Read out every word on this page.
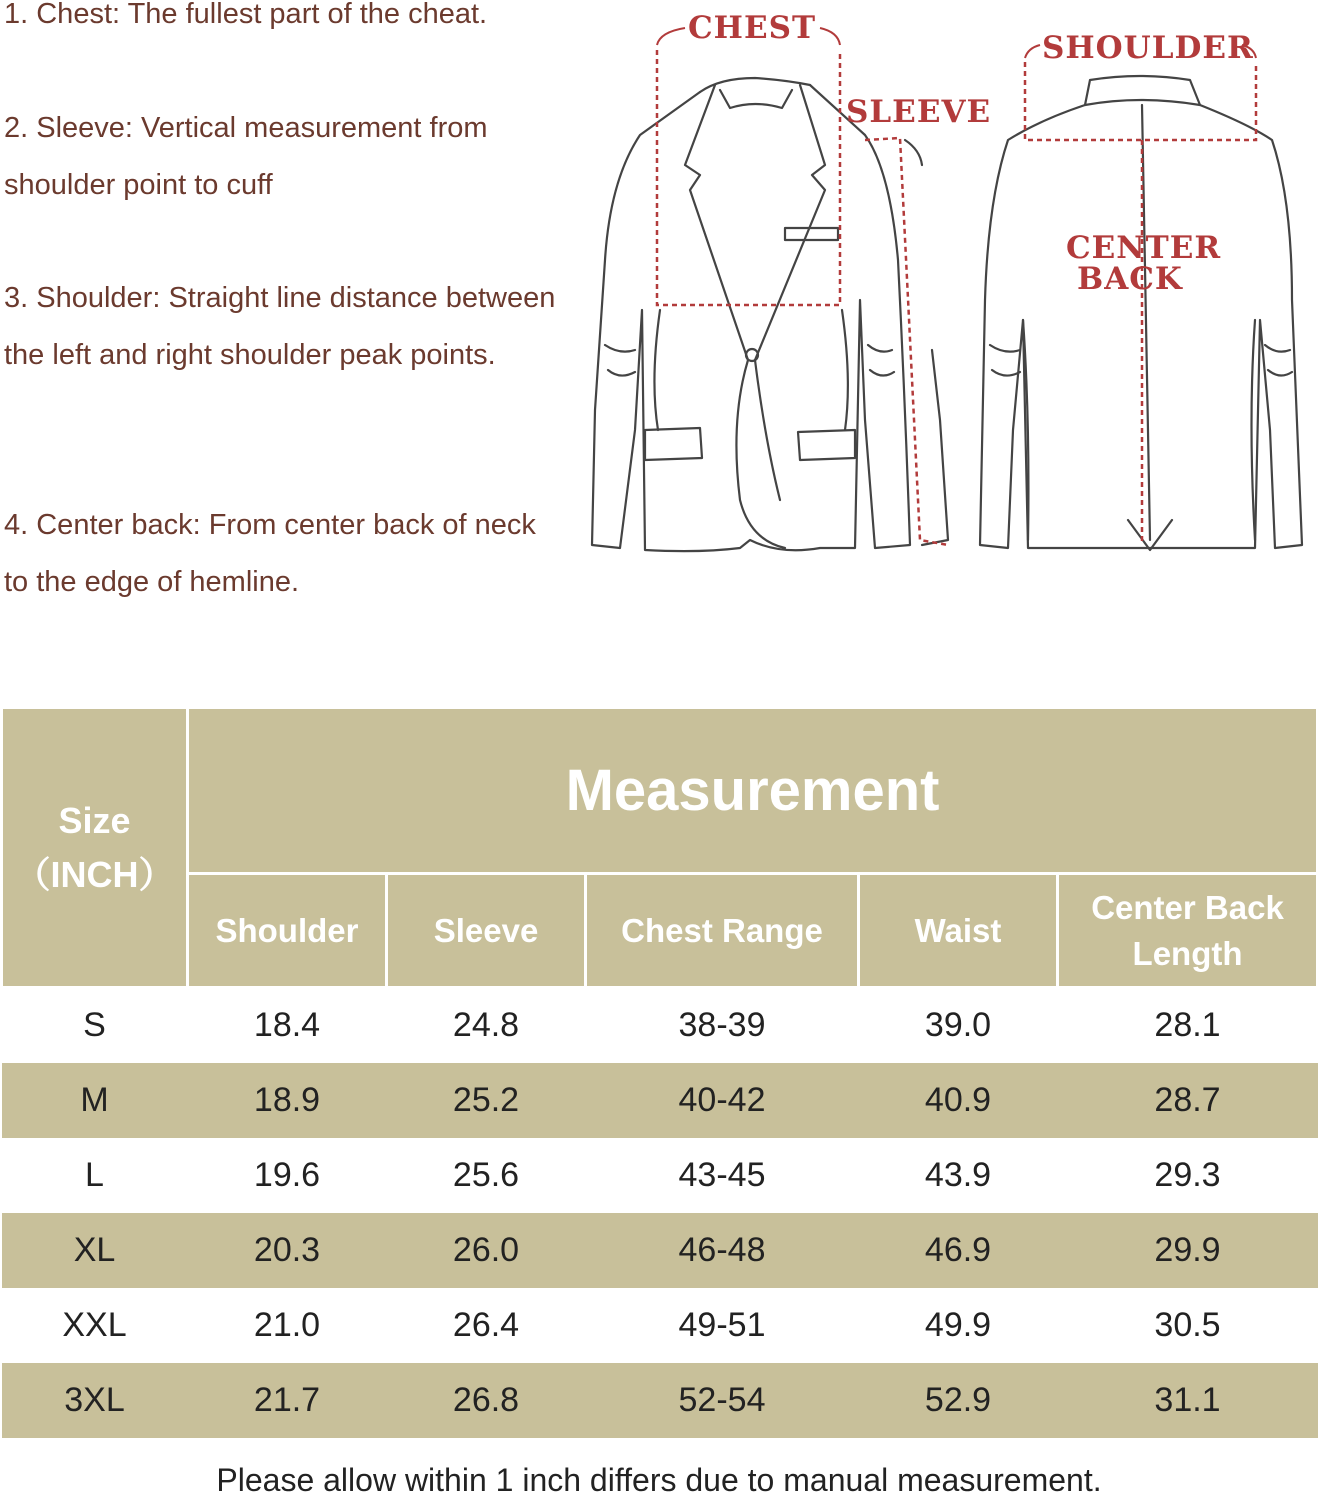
1. Chest: The fullest part of the cheat.

2. Sleeve: Vertical measurement from shoulder point to cuff

3. Shoulder: Straight line distance between the left and right shoulder peak points.

4. Center back: From center back of neck to the edge of hemline.

CHEST
SLEEVE
SHOULDER
CENTER
BACK
Size
（INCH）	Measurement				
	Shoulder	Sleeve	Chest Range	Waist	Center Back Length
S	18.4	24.8	38-39	39.0	28.1
M	18.9	25.2	40-42	40.9	28.7
L	19.6	25.6	43-45	43.9	29.3
XL	20.3	26.0	46-48	46.9	29.9
XXL	21.0	26.4	49-51	49.9	30.5
3XL	21.7	26.8	52-54	52.9	31.1
Please allow within 1 inch differs due to manual measurement.
